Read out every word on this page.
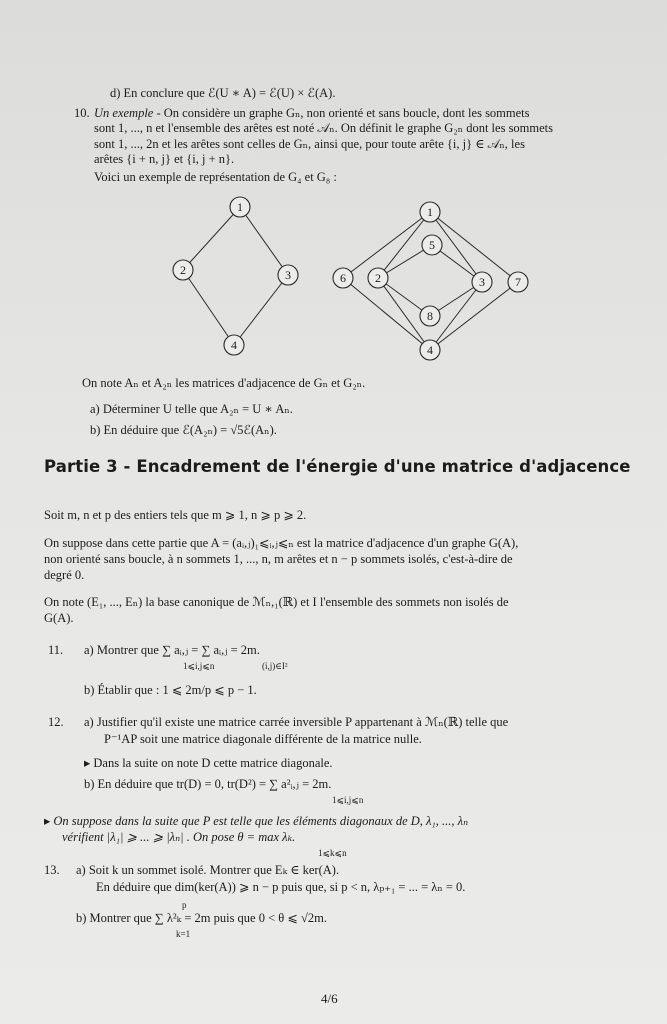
d) En conclure que ℰ(U ∗ A) = ℰ(U) × ℰ(A).
10. Un exemple - On considère un graphe Gₙ, non orienté et sans boucle, dont les sommets
sont 1, ..., n et l'ensemble des arêtes est noté 𝒜ₙ. On définit le graphe G₂ₙ dont les sommets
sont 1, ..., 2n et les arêtes sont celles de Gₙ, ainsi que, pour toute arête {i, j} ∈ 𝒜ₙ, les
arêtes {i + n, j} et {i, j + n}.
Voici un exemple de représentation de G₄ et G₈ :
1
2	3
4
1
5
6 2	3	7
8
4
On note Aₙ et A₂ₙ les matrices d'adjacence de Gₙ et G₂ₙ.
a) Déterminer U telle que A₂ₙ = U ∗ Aₙ.
b) En déduire que ℰ(A₂ₙ) = √5ℰ(Aₙ).
Partie 3 - Encadrement de l'énergie d'une matrice d'adjacence
Soit m, n et p des entiers tels que m ⩾ 1, n ⩾ p ⩾ 2.
On suppose dans cette partie que A = (aᵢ,ⱼ)₁⩽ᵢ,ⱼ⩽ₙ est la matrice d'adjacence d'un graphe G(A),
non orienté sans boucle, à n sommets 1, ..., n, m arêtes et n − p sommets isolés, c'est-à-dire de
degré 0.
On note (E₁, ..., Eₙ) la base canonique de ℳₙ,₁(ℝ) et I l'ensemble des sommets non isolés de
G(A).
11. a) Montrer que ∑ aᵢ,ⱼ = ∑ aᵢ,ⱼ = 2m.
1⩽i,j⩽n	(i,j)∈I²
b) Établir que : 1 ⩽ 2m/p ⩽ p − 1.
12. a) Justifier qu'il existe une matrice carrée inversible P appartenant à ℳₙ(ℝ) telle que
P⁻¹AP soit une matrice diagonale différente de la matrice nulle.
▸ Dans la suite on note D cette matrice diagonale.
b) En déduire que tr(D) = 0, tr(D²) = ∑ a²ᵢ,ⱼ = 2m.
1⩽i,j⩽n
▸ On suppose dans la suite que P est telle que les éléments diagonaux de D, λ₁, ..., λₙ
vérifient |λ₁| ⩾ ... ⩾ |λₙ| . On pose θ = max λₖ.
1⩽k⩽n
13. a) Soit k un sommet isolé. Montrer que Eₖ ∈ ker(A).
En déduire que dim(ker(A)) ⩾ n − p puis que, si p < n, λₚ₊₁ = ... = λₙ = 0.
p
b) Montrer que ∑ λ²ₖ = 2m puis que 0 < θ ⩽ √2m.
k=1
4/6
